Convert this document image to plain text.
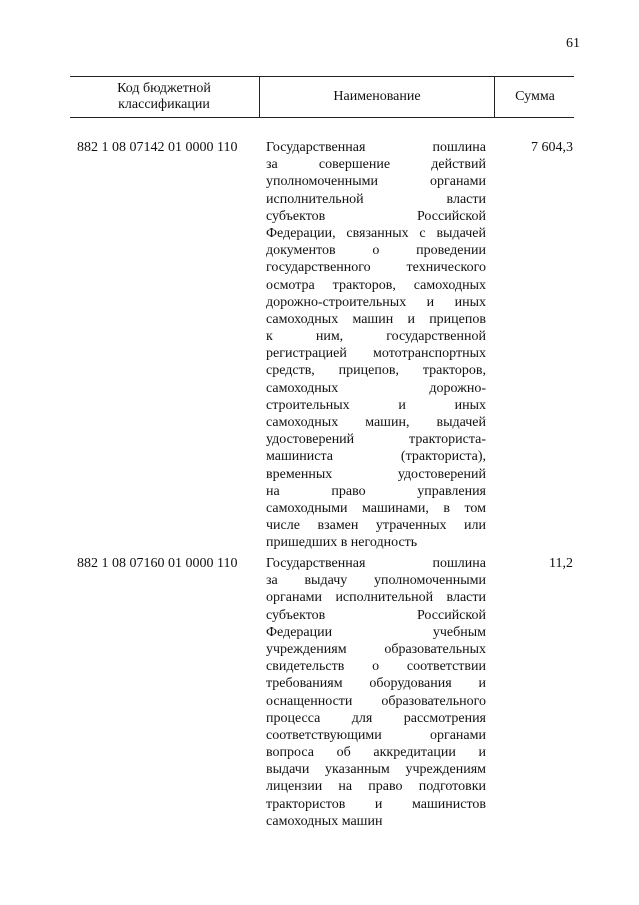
61
Код бюджетной классификации
Наименование	Сумма
882 1 08 07142 01 0000 110 Государственная пошлина
за совершение действий
уполномоченными органами
исполнительной власти
субъектов Российской
Федерации, связанных с выдачей
документов о проведении
государственного технического
осмотра тракторов, самоходных
дорожно-строительных и иных
самоходных машин и прицепов
к ним, государственной
регистрацией мототранспортных
средств, прицепов, тракторов,
самоходных дорожно-
строительных и иных
самоходных машин, выдачей
удостоверений тракториста-
машиниста (тракториста),
временных удостоверений
на право управления
самоходными машинами, в том
числе взамен утраченных или
пришедших в негодность
7 604,3
882 1 08 07160 01 0000 110 Государственная пошлина
за выдачу уполномоченными
органами исполнительной власти
субъектов Российской
Федерации учебным
учреждениям образовательных
свидетельств о соответствии
требованиям оборудования и
оснащенности образовательного
процесса для рассмотрения
соответствующими органами
вопроса об аккредитации и
выдачи указанным учреждениям
лицензии на право подготовки
трактористов и машинистов
самоходных машин
11,2
